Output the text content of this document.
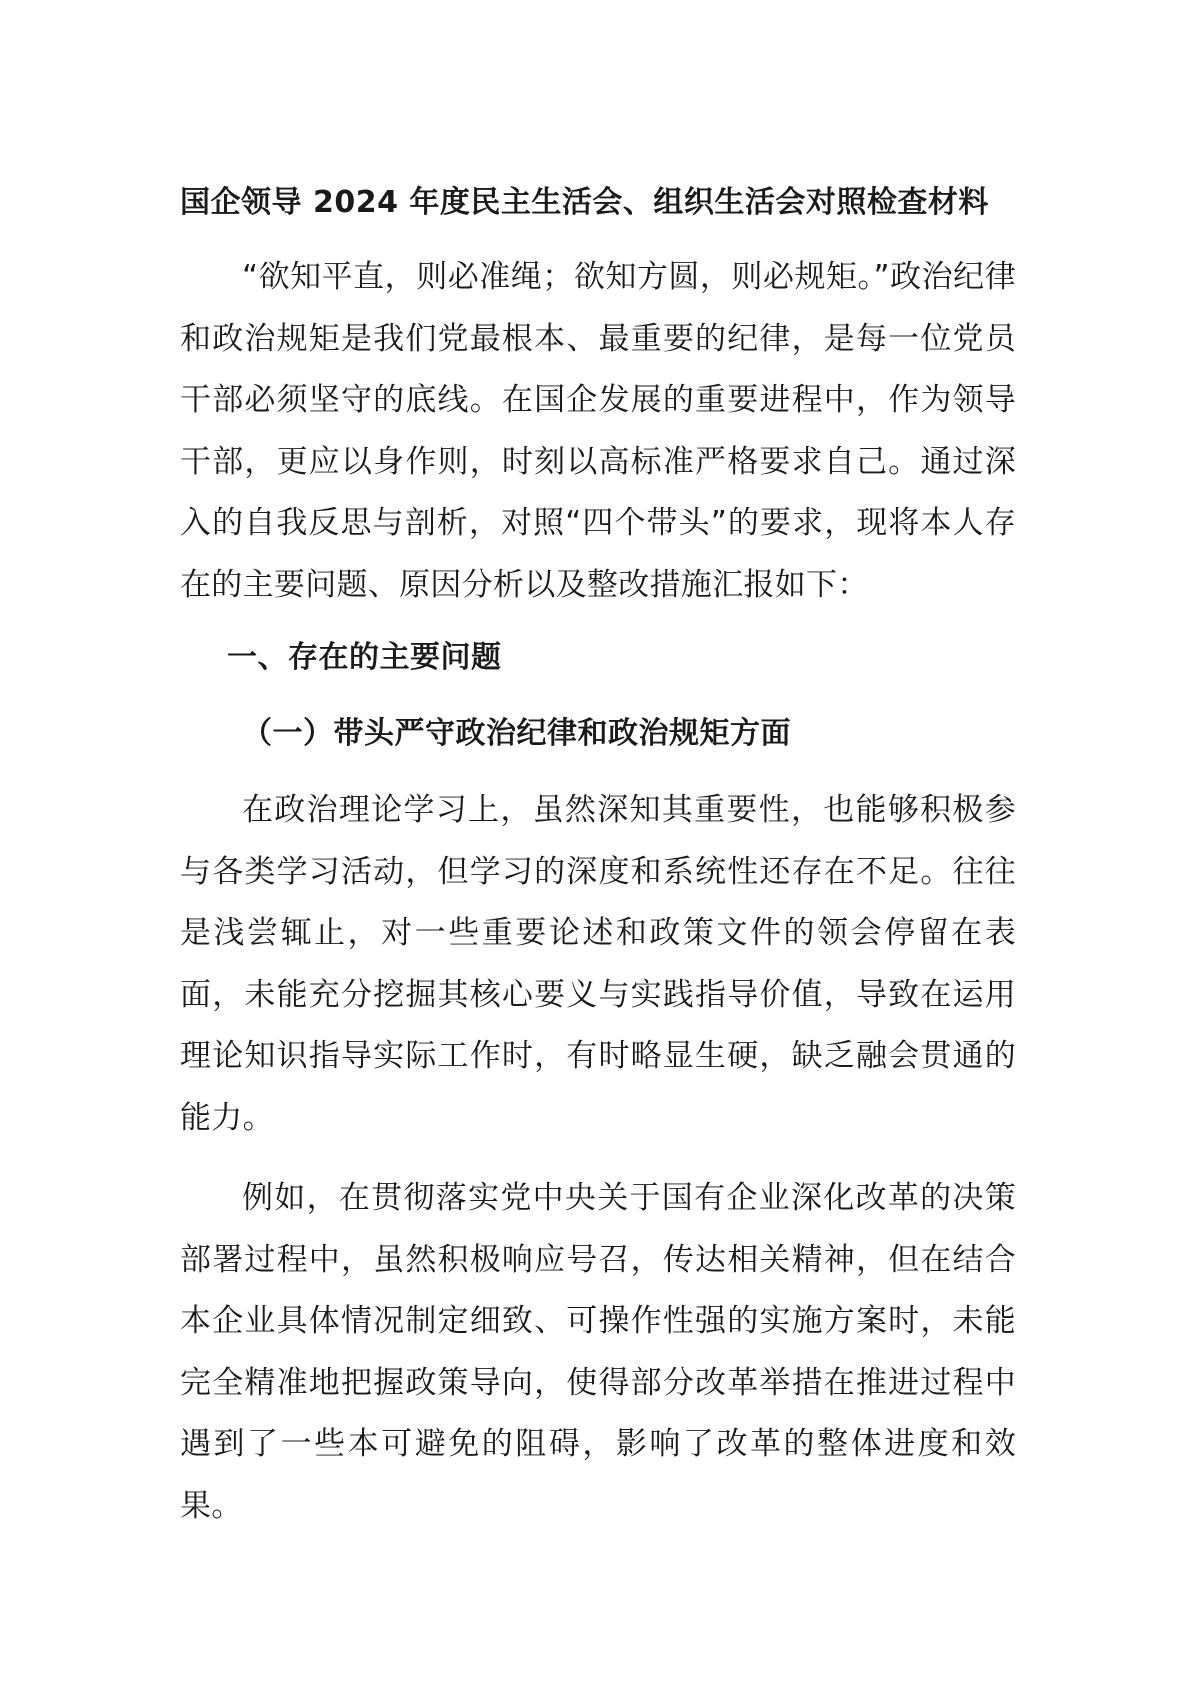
国企领导 2024 年度民主生活会、组织生活会对照检查材料

“欲知平直，则必准绳；欲知方圆，则必规矩。”政治纪律和政治规矩是我们党最根本、最重要的纪律，是每一位党员干部必须坚守的底线。在国企发展的重要进程中，作为领导干部，更应以身作则，时刻以高标准严格要求自己。通过深入的自我反思与剖析，对照“四个带头”的要求，现将本人存在的主要问题、原因分析以及整改措施汇报如下：

一、存在的主要问题
（一）带头严守政治纪律和政治规矩方面

在政治理论学习上，虽然深知其重要性，也能够积极参与各类学习活动，但学习的深度和系统性还存在不足。往往是浅尝辄止，对一些重要论述和政策文件的领会停留在表面，未能充分挖掘其核心要义与实践指导价值，导致在运用理论知识指导实际工作时，有时略显生硬，缺乏融会贯通的能力。

例如，在贯彻落实党中央关于国有企业深化改革的决策部署过程中，虽然积极响应号召，传达相关精神，但在结合本企业具体情况制定细致、可操作性强的实施方案时，未能完全精准地把握政策导向，使得部分改革举措在推进过程中遇到了一些本可避免的阻碍，影响了改革的整体进度和效果。
